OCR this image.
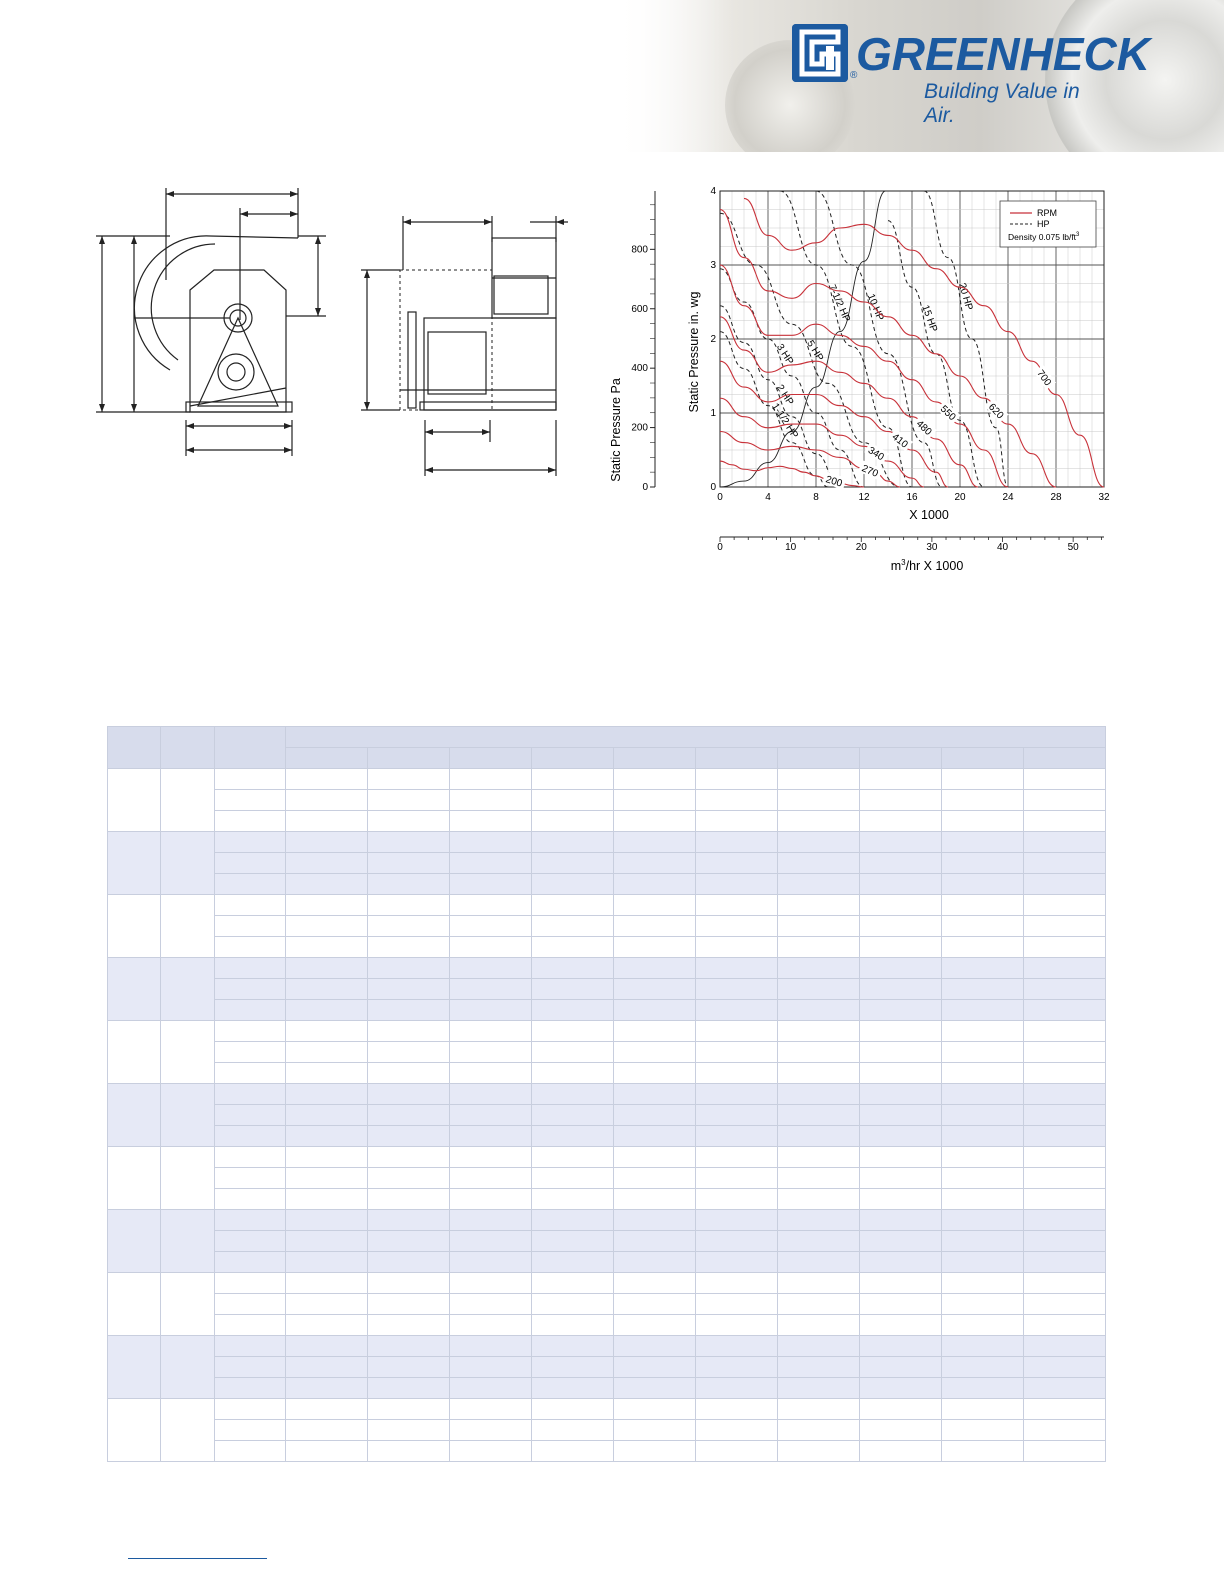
GREENHECK
®
Building Value in Air.
1-1/2 HP
2 HP
3 HP 5 HP
7-1/2 HP 10 HP	15 HP
20 HP
200
270
340
410
480
550	620
700
0	4	8	12	16	20	24	28	32
0
1
2
3
4
0
200
400
600
800
0	10	20	30	40	50
RPM
HP
Density 0.075 $lb/ft^3$
Static Pressure in. wg
Static Pressure Pa
X 1000
$m^3/hr$ X 1000
